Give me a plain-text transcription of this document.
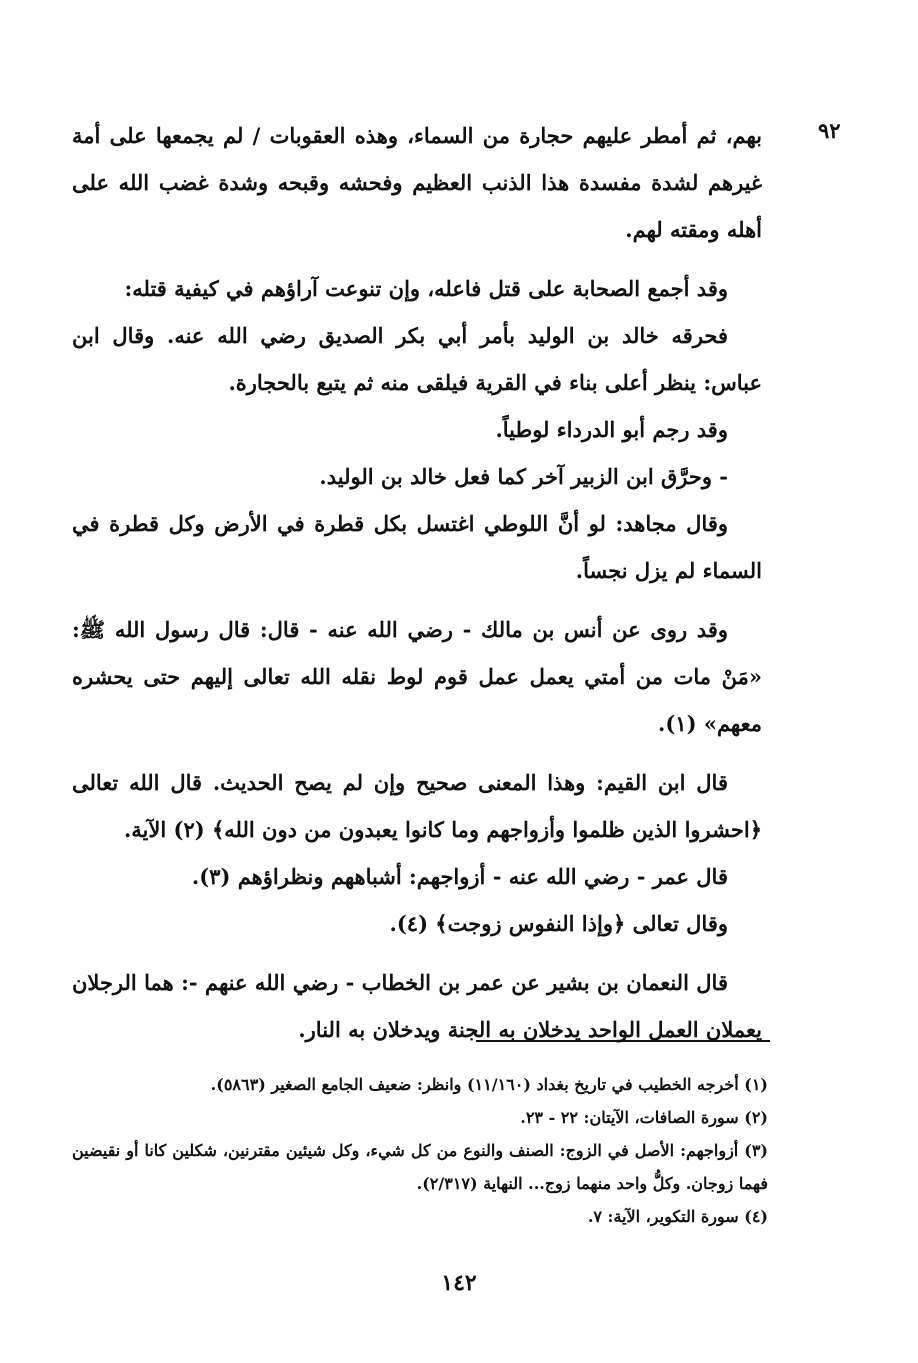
٩٢

بهم، ثم أمطر عليهم حجارة من السماء، وهذه العقوبات / لم يجمعها على أمة غيرهم لشدة مفسدة هذا الذنب العظيم وفحشه وقبحه وشدة غضب الله على أهله ومقته لهم.

وقد أجمع الصحابة على قتل فاعله، وإن تنوعت آراؤهم في كيفية قتله:

فحرقه خالد بن الوليد بأمر أبي بكر الصديق رضي الله عنه. وقال ابن عباس: ينظر أعلى بناء في القرية فيلقى منه ثم يتبع بالحجارة.

وقد رجم أبو الدرداء لوطياً.

- وحرَّق ابن الزبير آخر كما فعل خالد بن الوليد.

وقال مجاهد: لو أنَّ اللوطي اغتسل بكل قطرة في الأرض وكل قطرة في السماء لم يزل نجساً.

وقد روى عن أنس بن مالك - رضي الله عنه - قال: قال رسول الله ﷺ: «مَنْ مات من أمتي يعمل عمل قوم لوط نقله الله تعالى إليهم حتى يحشره معهم» (١).

قال ابن القيم: وهذا المعنى صحيح وإن لم يصح الحديث. قال الله تعالى ﴿احشروا الذين ظلموا وأزواجهم وما كانوا يعبدون من دون الله﴾ (٢) الآية.

قال عمر - رضي الله عنه - أزواجهم: أشباههم ونظراؤهم (٣).

وقال تعالى ﴿وإذا النفوس زوجت﴾ (٤).

قال النعمان بن بشير عن عمر بن الخطاب - رضي الله عنهم -: هما الرجلان يعملان العمل الواحد يدخلان به الجنة ويدخلان به النار.

(١) أخرجه الخطيب في تاريخ بغداد (١١/١٦٠) وانظر: ضعيف الجامع الصغير (٥٨٦٣).

(٢) سورة الصافات، الآيتان: ٢٢ - ٢٣.

(٣) أزواجهم: الأصل في الزوج: الصنف والنوع من كل شيء، وكل شيئين مقترنين، شكلين كانا أو نقيضين فهما زوجان. وكلُّ واحد منهما زوج... النهاية (٢/٣١٧).

(٤) سورة التكوير، الآية: ٧.

١٤٢
